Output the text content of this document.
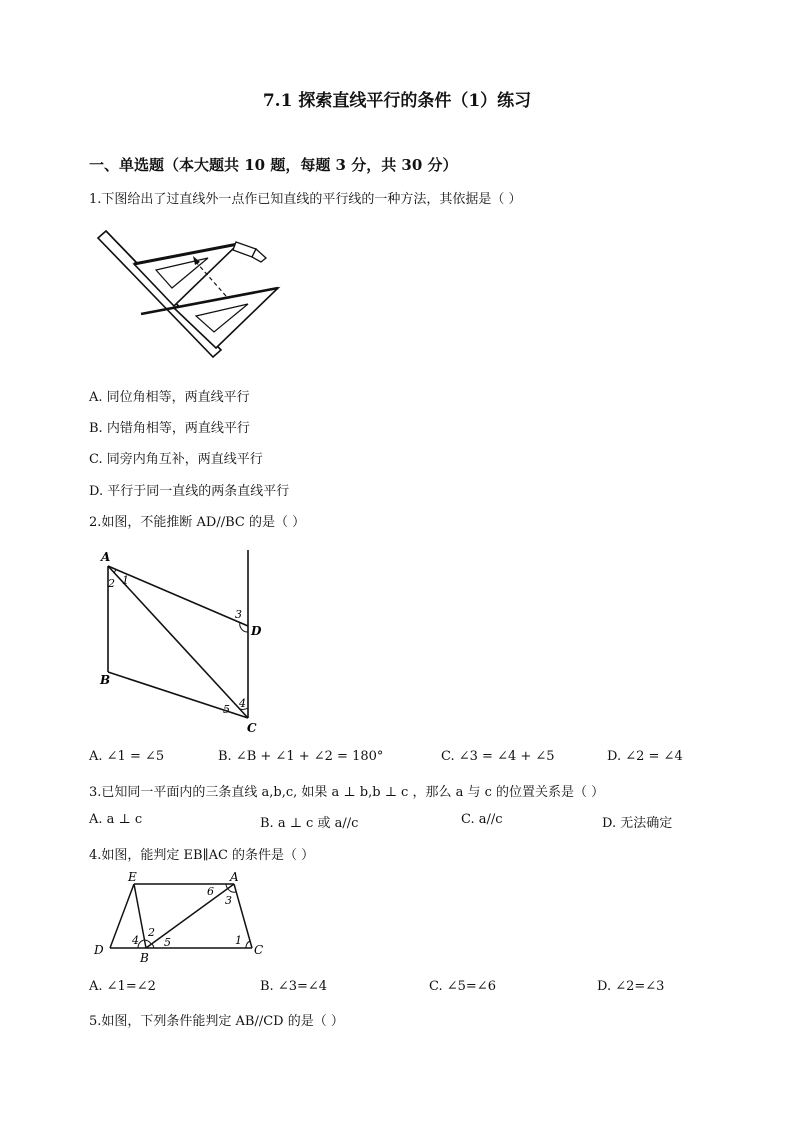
7.1 探索直线平行的条件（1）练习
一、单选题（本大题共 10 题，每题 3 分，共 30 分）
1.下图给出了过直线外一点作已知直线的平行线的一种方法，其依据是（ ）
A. 同位角相等，两直线平行
B. 内错角相等，两直线平行
C. 同旁内角互补，两直线平行
D. 平行于同一直线的两条直线平行
2.如图，不能推断 AD//BC 的是（ ）
A
2 1
3
D
B
4
5
C
A. ∠1 = ∠5	B. ∠B + ∠1 + ∠2 = 180°	C. ∠3 = ∠4 + ∠5	D. ∠2 = ∠4
3.已知同一平面内的三条直线 a,b,c, 如果 a ⊥ b,b ⊥ c ，那么 a 与 c 的位置关系是（ ）
A. a ⊥ c	B. a ⊥ c 或 a//c	C. a//c	D. 无法确定
4.如图，能判定 EB∥AC 的条件是（ ）
E	A
6
3
D
4
2
5
B
1
C
A. ∠1=∠2	B. ∠3=∠4	C. ∠5=∠6	D. ∠2=∠3
5.如图，下列条件能判定 AB//CD 的是（ ）
